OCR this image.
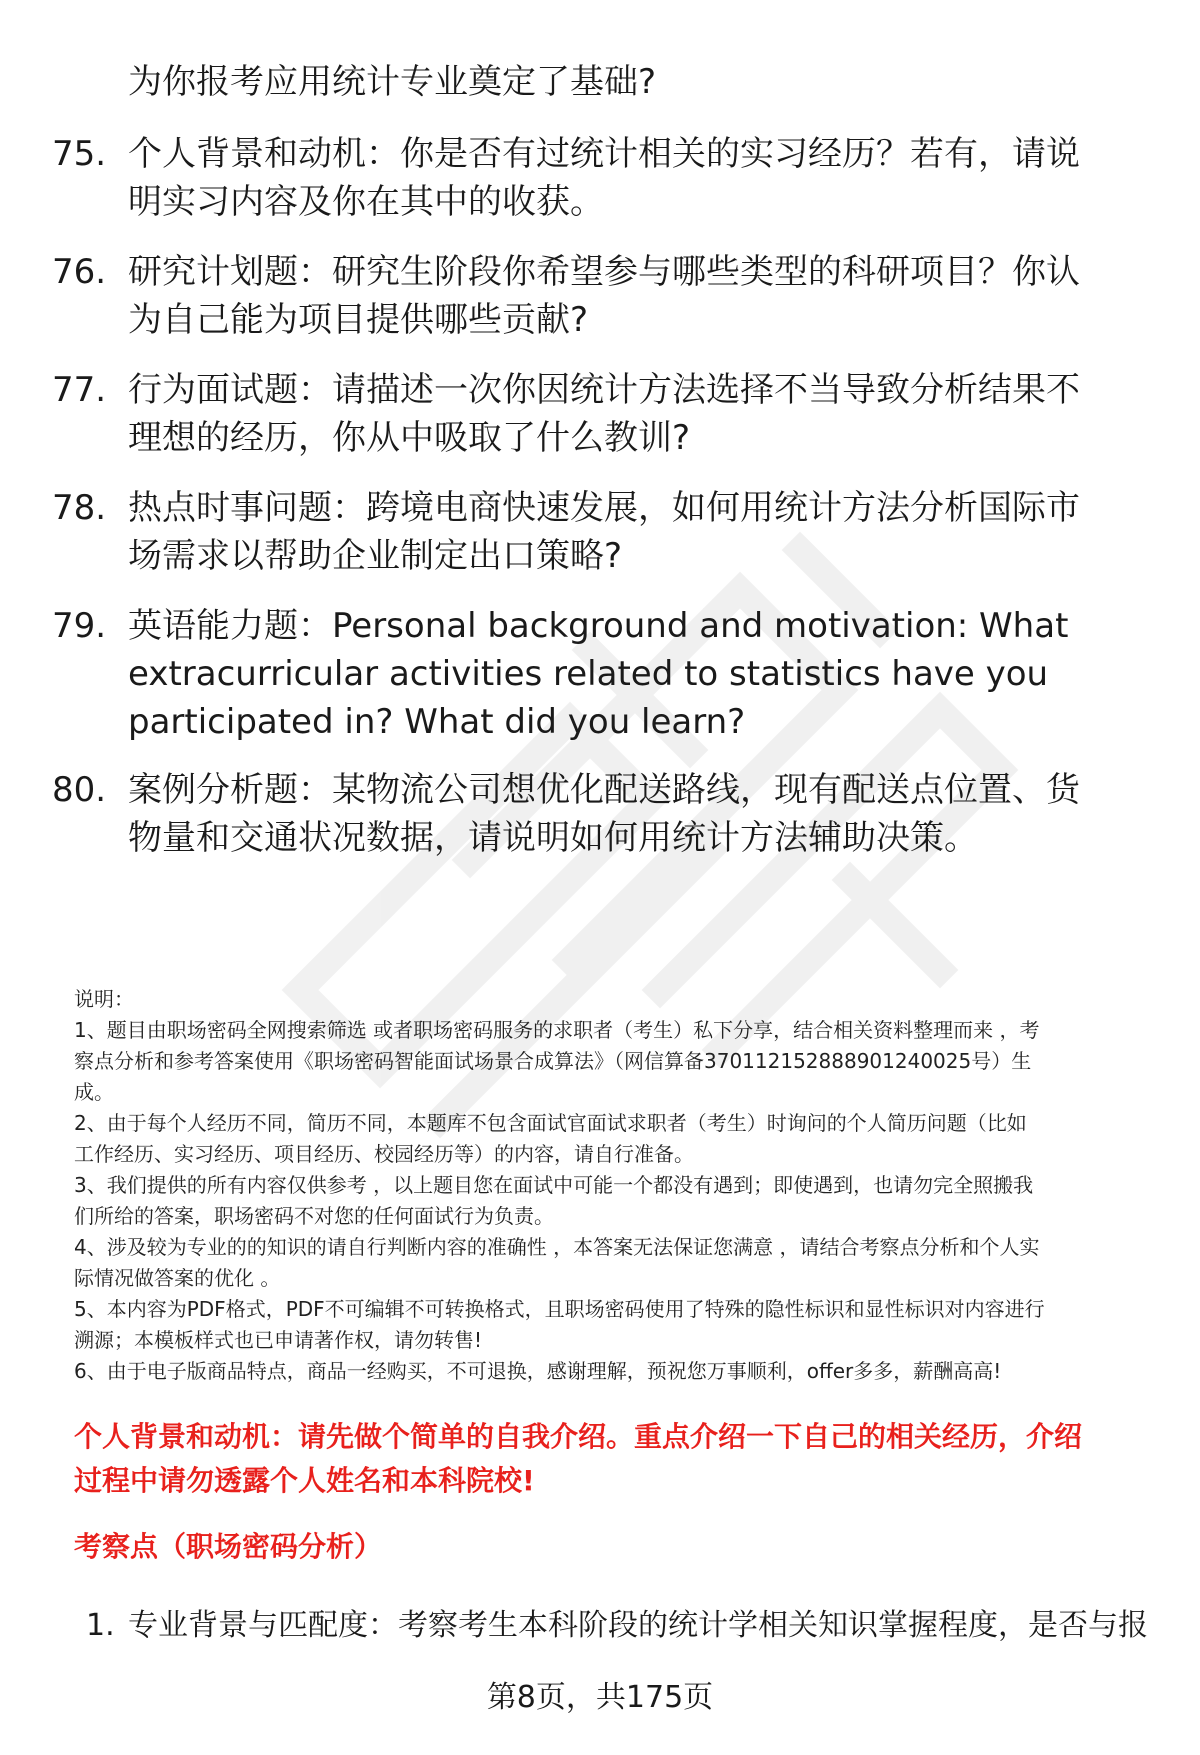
为你报考应用统计专业奠定了基础?
75. 个人背景和动机：你是否有过统计相关的实习经历？若有，请说
明实习内容及你在其中的收获。
76. 研究计划题：研究生阶段你希望参与哪些类型的科研项目？你认
为自己能为项目提供哪些贡献?
77. 行为面试题：请描述一次你因统计方法选择不当导致分析结果不
理想的经历，你从中吸取了什么教训?
78. 热点时事问题：跨境电商快速发展，如何用统计方法分析国际市
场需求以帮助企业制定出口策略?
79. 英语能力题：Personal background and motivation: What
extracurricular activities related to statistics have you
participated in? What did you learn?
80. 案例分析题：某物流公司想优化配送路线，现有配送点位置、货
物量和交通状况数据，请说明如何用统计方法辅助决策。
说明：
1、题目由职场密码全网搜索筛选 或者职场密码服务的求职者（考生）私下分享，结合相关资料整理而来 ，考
察点分析和参考答案使用《职场密码智能面试场景合成算法》（网信算备370112152888901240025号）生
成。
2、由于每个人经历不同，简历不同，本题库不包含面试官面试求职者（考生）时询问的个人简历问题（比如
工作经历、实习经历、项目经历、校园经历等）的内容，请自行准备。
3、我们提供的所有内容仅供参考 ，以上题目您在面试中可能一个都没有遇到；即使遇到，也请勿完全照搬我
们所给的答案，职场密码不对您的任何面试行为负责。
4、涉及较为专业的的知识的请自行判断内容的准确性 ，本答案无法保证您满意 ，请结合考察点分析和个人实
际情况做答案的优化 。
5、本内容为PDF格式，PDF不可编辑不可转换格式，且职场密码使用了特殊的隐性标识和显性标识对内容进行
溯源；本模板样式也已申请著作权，请勿转售!
6、由于电子版商品特点，商品一经购买，不可退换，感谢理解，预祝您万事顺利，offer多多，薪酬高高!
个人背景和动机：请先做个简单的自我介绍。重点介绍一下自己的相关经历，介绍
过程中请勿透露个人姓名和本科院校!
考察点（职场密码分析）
1. 专业背景与匹配度：考察考生本科阶段的统计学相关知识掌握程度，是否与报
第8页，共175页
